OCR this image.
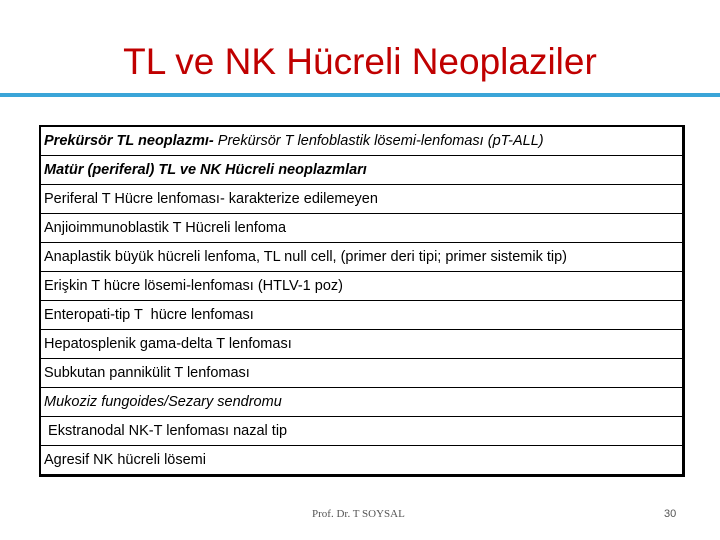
TL ve NK Hücreli Neoplaziler
Prekürsör TL neoplazmı- Prekürsör T lenfoblastik lösemi-lenfoması (pT-ALL)
Matür (periferal) TL ve NK Hücreli neoplazmları
Periferal T Hücre lenfoması- karakterize edilemeyen
Anjioimmunoblastik T Hücreli lenfoma
Anaplastik büyük hücreli lenfoma, TL null cell, (primer deri tipi; primer sistemik tip)
Erişkin T hücre lösemi-lenfoması (HTLV-1 poz)
Enteropati-tip T  hücre lenfoması
Hepatosplenik gama-delta T lenfoması
Subkutan pannikülit T lenfoması
Mukoziz fungoides/Sezary sendromu
Ekstranodal NK-T lenfoması nazal tip
Agresif NK hücreli lösemi
Prof. Dr. T SOYSAL	30
